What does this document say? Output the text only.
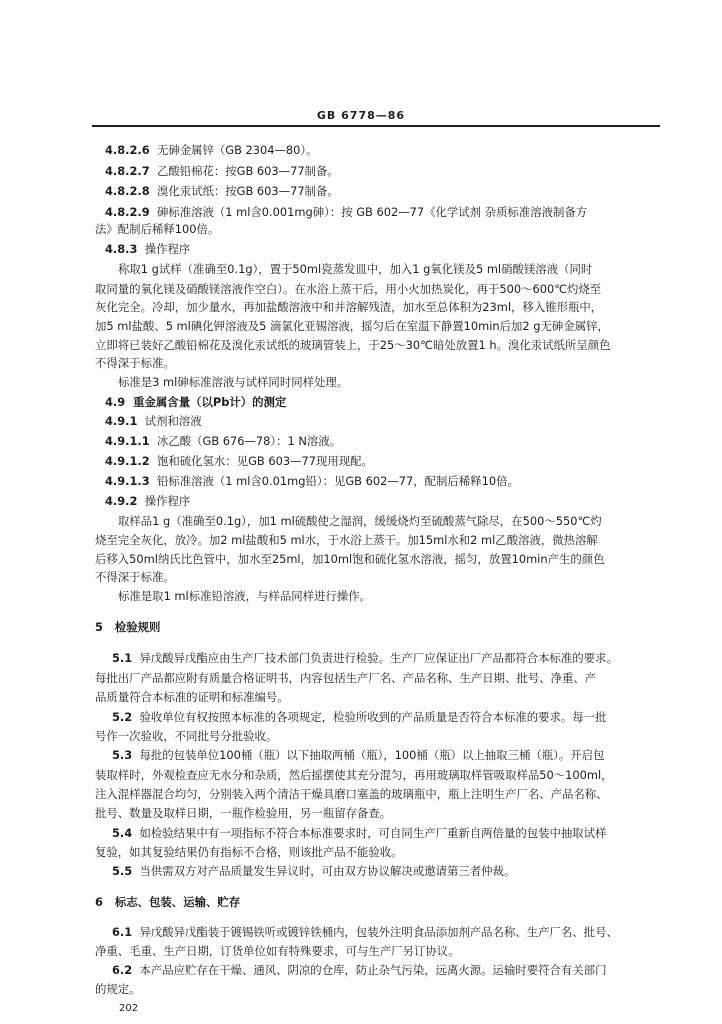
GB 6778—86
4.8.2.6 无砷金属锌（GB 2304—80）。
4.8.2.7 乙酸铅棉花：按GB 603—77制备。
4.8.2.8 溴化汞试纸：按GB 603—77制备。
4.8.2.9 砷标准溶液（1 ml含0.001mg砷）：按 GB 602—77《化学试剂 杂质标准溶液制备方
法》配制后稀释100倍。
4.8.3 操作程序
称取1 g试样（准确至0.1g），置于50ml瓷蒸发皿中，加入1 g氧化镁及5 ml硝酸镁溶液（同时
取同量的氧化镁及硝酸镁溶液作空白）。在水浴上蒸干后，用小火加热炭化，再于500～600℃灼烧至
灰化完全。冷却，加少量水，再加盐酸溶液中和并溶解残渣，加水至总体积为23ml，移入锥形瓶中，
加5 ml盐酸、5 ml碘化钾溶液及5 滴氯化亚锡溶液，摇匀后在室温下静置10min后加2 g无砷金属锌，
立即将已装好乙酸铅棉花及溴化汞试纸的玻璃管装上，于25～30℃暗处放置1 h。溴化汞试纸所呈颜色
不得深于标准。
标准是3 ml砷标准溶液与试样同时同样处理。
4.9 重金属含量（以Pb计）的测定
4.9.1 试剂和溶液
4.9.1.1 冰乙酸（GB 676—78）：1 N溶液。
4.9.1.2 饱和硫化氢水：见GB 603—77现用现配。
4.9.1.3 铅标准溶液（1 ml含0.01mg铅）：见GB 602—77，配制后稀释10倍。
4.9.2 操作程序
取样品1 g（准确至0.1g），加1 ml硫酸使之湿润，缓缓烧灼至硫酸蒸气除尽，在500～550℃灼
烧至完全灰化，放冷。加2 ml盐酸和5 ml水，于水浴上蒸干。加15ml水和2 ml乙酸溶液，微热溶解
后移入50ml纳氏比色管中，加水至25ml，加10ml饱和硫化氢水溶液，摇匀，放置10min产生的颜色
不得深于标准。
标准是取1 ml标准铅溶液，与样品同样进行操作。
5 检验规则
5.1 异戊酸异戊酯应由生产厂技术部门负责进行检验。生产厂应保证出厂产品都符合本标准的要求。
每批出厂产品都应附有质量合格证明书，内容包括生产厂名、产品名称、生产日期、批号、净重、产
品质量符合本标准的证明和标准编号。
5.2 验收单位有权按照本标准的各项规定，检验所收到的产品质量是否符合本标准的要求。每一批
号作一次验收，不同批号分批验收。
5.3 每批的包装单位100桶（瓶）以下抽取两桶（瓶），100桶（瓶）以上抽取三桶（瓶）。开启包
装取样时，外观检查应无水分和杂质，然后摇摆使其充分混匀，再用玻璃取样管吸取样品50～100ml，
注入混样器混合均匀，分别装入两个清洁干燥具磨口塞盖的玻璃瓶中，瓶上注明生产厂名、产品名称、
批号、数量及取样日期，一瓶作检验用，另一瓶留存备查。
5.4 如检验结果中有一项指标不符合本标准要求时，可自同生产厂重新自两倍量的包装中抽取试样
复验，如其复验结果仍有指标不合格，则该批产品不能验收。
5.5 当供需双方对产品质量发生异议时，可由双方协议解决或邀请第三者仲裁。
6 标志、包装、运输、贮存
6.1 异戊酸异戊酯装于镀锡铁听或镀锌铁桶内，包装外注明食品添加剂产品名称、生产厂名、批号、
净重、毛重、生产日期，订货单位如有特殊要求，可与生产厂另订协议。
6.2 本产品应贮存在干燥、通风、阴凉的仓库，防止杂气污染，远离火源。运输时要符合有关部门
的规定。
202
